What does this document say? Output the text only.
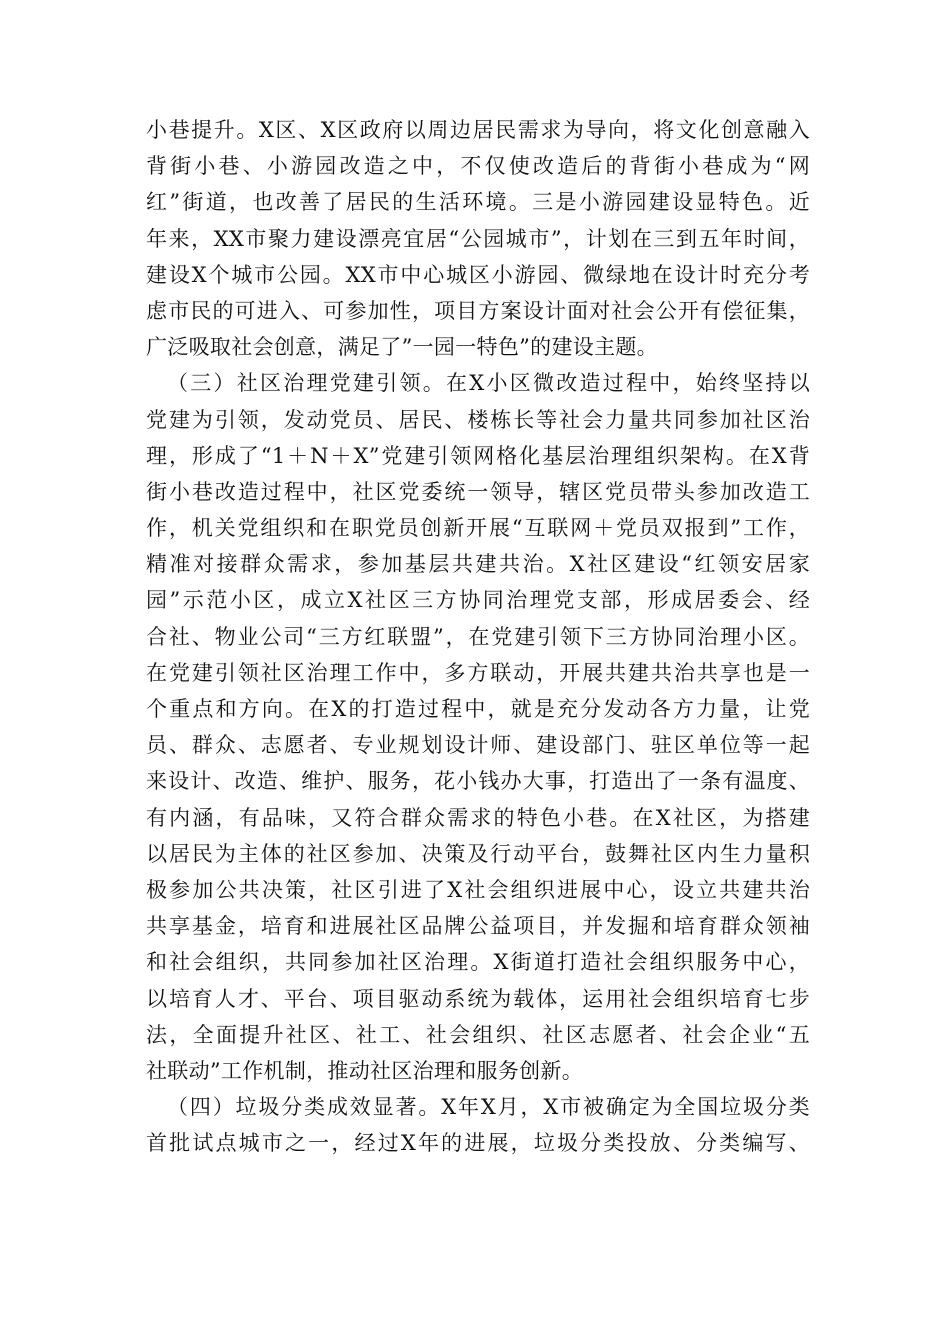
小巷提升。X区、X区政府以周边居民需求为导向，将文化创意融入
背街小巷、小游园改造之中，不仅使改造后的背街小巷成为“网
红”街道，也改善了居民的生活环境。三是小游园建设显特色。近
年来，XX市聚力建设漂亮宜居“公园城市”，计划在三到五年时间，
建设X个城市公园。XX市中心城区小游园、微绿地在设计时充分考
虑市民的可进入、可参加性，项目方案设计面对社会公开有偿征集，
广泛吸取社会创意，满足了”一园一特色”的建设主题。
（三）社区治理党建引领。在X小区微改造过程中，始终坚持以
党建为引领，发动党员、居民、楼栋长等社会力量共同参加社区治
理，形成了“1＋N＋X”党建引领网格化基层治理组织架构。在X背
街小巷改造过程中，社区党委统一领导，辖区党员带头参加改造工
作，机关党组织和在职党员创新开展“互联网＋党员双报到”工作，
精准对接群众需求，参加基层共建共治。X社区建设“红领安居家
园”示范小区，成立X社区三方协同治理党支部，形成居委会、经
合社、物业公司“三方红联盟”，在党建引领下三方协同治理小区。
在党建引领社区治理工作中，多方联动，开展共建共治共享也是一
个重点和方向。在X的打造过程中，就是充分发动各方力量，让党
员、群众、志愿者、专业规划设计师、建设部门、驻区单位等一起
来设计、改造、维护、服务，花小钱办大事，打造出了一条有温度、
有内涵，有品味，又符合群众需求的特色小巷。在X社区，为搭建
以居民为主体的社区参加、决策及行动平台，鼓舞社区内生力量积
极参加公共决策，社区引进了X社会组织进展中心，设立共建共治
共享基金，培育和进展社区品牌公益项目，并发掘和培育群众领袖
和社会组织，共同参加社区治理。X街道打造社会组织服务中心，
以培育人才、平台、项目驱动系统为载体，运用社会组织培育七步
法，全面提升社区、社工、社会组织、社区志愿者、社会企业“五
社联动”工作机制，推动社区治理和服务创新。
（四）垃圾分类成效显著。X年X月，X市被确定为全国垃圾分类
首批试点城市之一，经过X年的进展，垃圾分类投放、分类编写、
